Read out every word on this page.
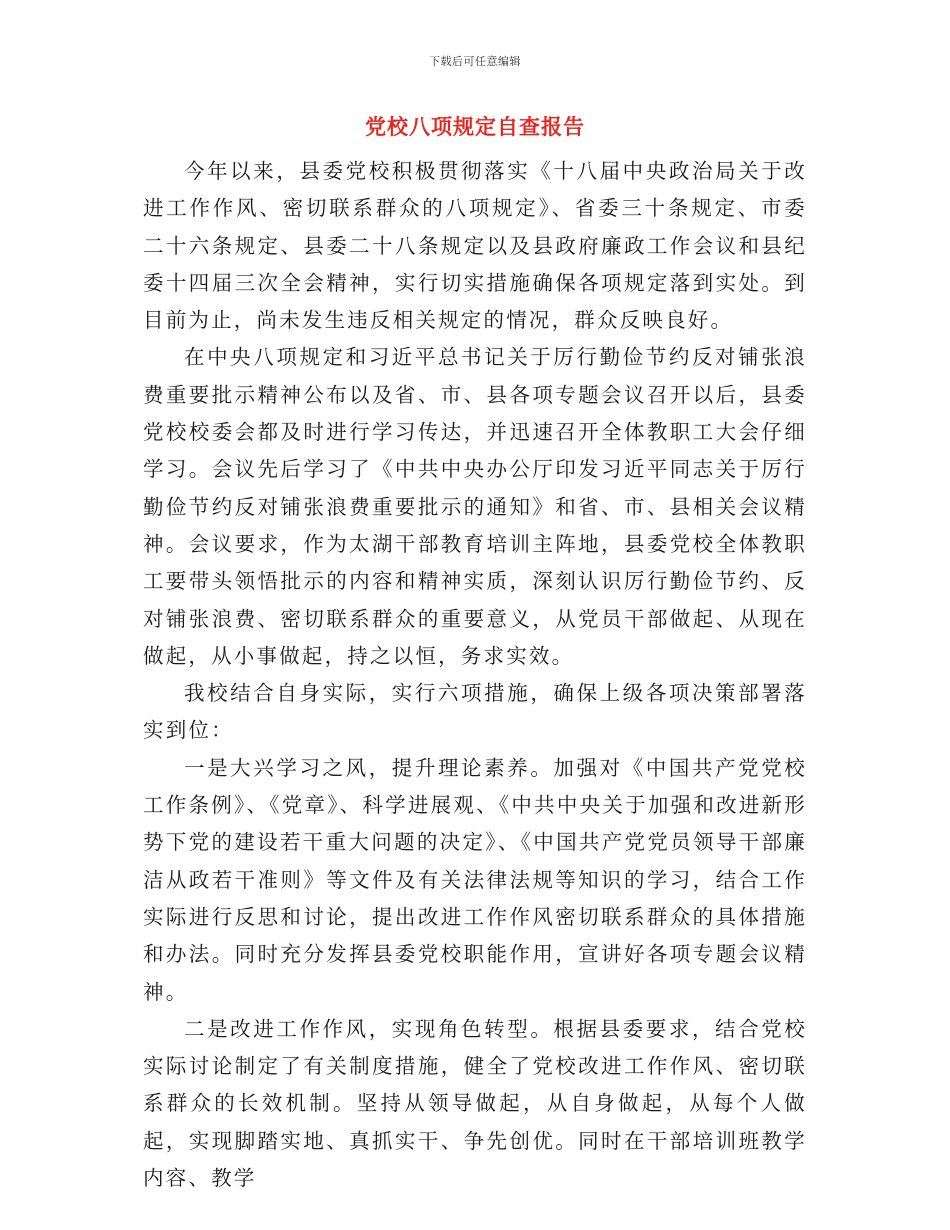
下载后可任意编辑
党校八项规定自查报告

今年以来，县委党校积极贯彻落实《十八届中央政治局关于改进工作作风、密切联系群众的八项规定》、省委三十条规定、市委二十六条规定、县委二十八条规定以及县政府廉政工作会议和县纪委十四届三次全会精神，实行切实措施确保各项规定落到实处。到目前为止，尚未发生违反相关规定的情况，群众反映良好。

在中央八项规定和习近平总书记关于厉行勤俭节约反对铺张浪费重要批示精神公布以及省、市、县各项专题会议召开以后，县委党校校委会都及时进行学习传达，并迅速召开全体教职工大会仔细学习。会议先后学习了《中共中央办公厅印发习近平同志关于厉行勤俭节约反对铺张浪费重要批示的通知》和省、市、县相关会议精神。会议要求，作为太湖干部教育培训主阵地，县委党校全体教职工要带头领悟批示的内容和精神实质，深刻认识厉行勤俭节约、反对铺张浪费、密切联系群众的重要意义，从党员干部做起、从现在做起，从小事做起，持之以恒，务求实效。

我校结合自身实际，实行六项措施，确保上级各项决策部署落实到位：

一是大兴学习之风，提升理论素养。加强对《中国共产党党校工作条例》、《党章》、科学进展观、《中共中央关于加强和改进新形势下党的建设若干重大问题的决定》、《中国共产党党员领导干部廉洁从政若干准则》等文件及有关法律法规等知识的学习，结合工作实际进行反思和讨论，提出改进工作作风密切联系群众的具体措施和办法。同时充分发挥县委党校职能作用，宣讲好各项专题会议精神。

二是改进工作作风，实现角色转型。根据县委要求，结合党校实际讨论制定了有关制度措施，健全了党校改进工作作风、密切联系群众的长效机制。坚持从领导做起，从自身做起，从每个人做起，实现脚踏实地、真抓实干、争先创优。同时在干部培训班教学内容、教学
